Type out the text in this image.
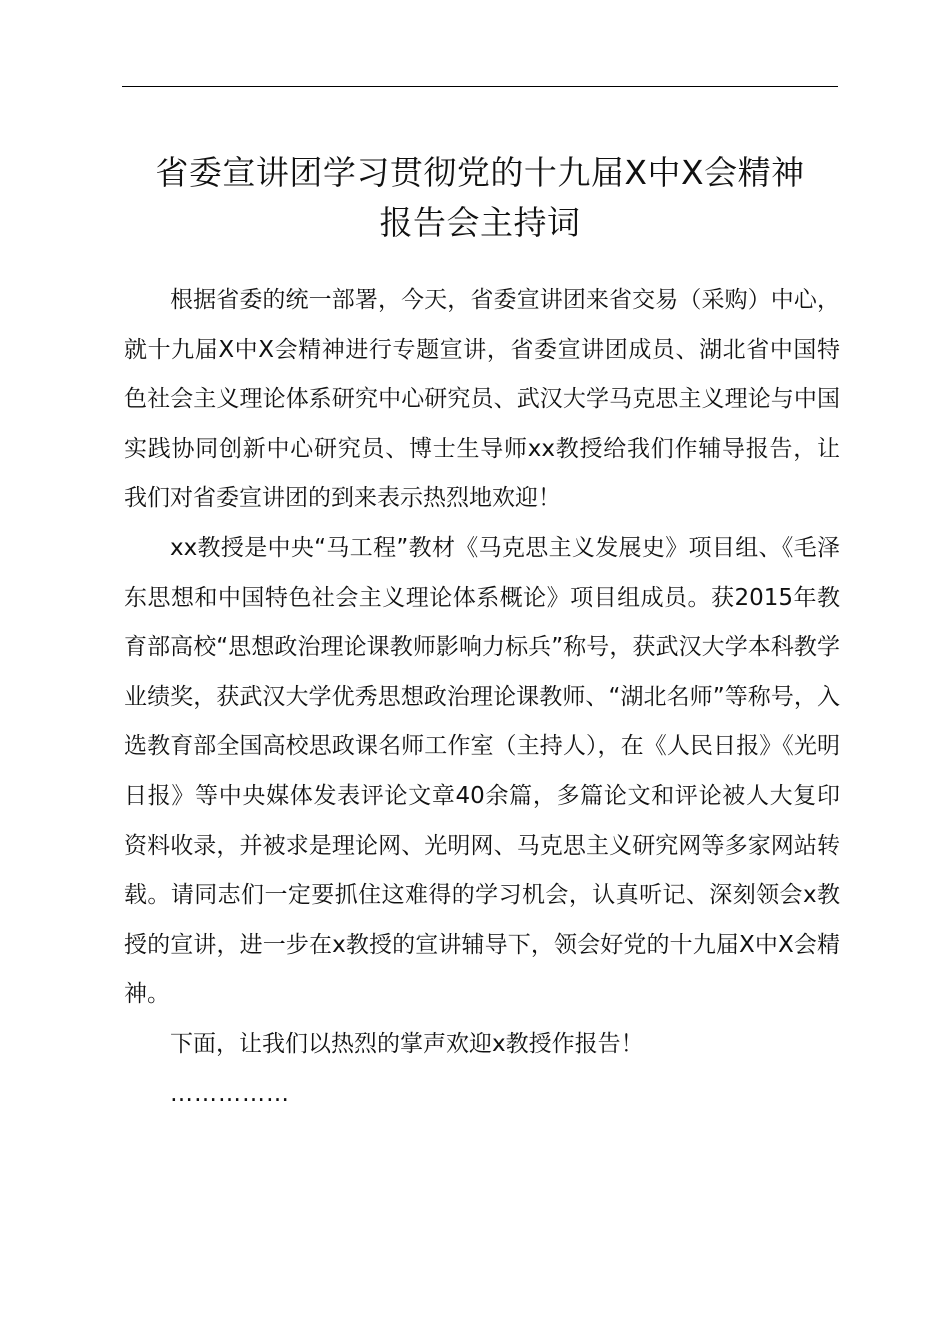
省委宣讲团学习贯彻党的十九届X中X会精神
报告会主持词

根据省委的统一部署，今天，省委宣讲团来省交易（采购）中心，就十九届X中X会精神进行专题宣讲，省委宣讲团成员、湖北省中国特色社会主义理论体系研究中心研究员、武汉大学马克思主义理论与中国实践协同创新中心研究员、博士生导师xx教授给我们作辅导报告，让我们对省委宣讲团的到来表示热烈地欢迎！

xx教授是中央“马工程”教材《马克思主义发展史》项目组、《毛泽东思想和中国特色社会主义理论体系概论》项目组成员。获2015年教育部高校“思想政治理论课教师影响力标兵”称号，获武汉大学本科教学业绩奖，获武汉大学优秀思想政治理论课教师、“湖北名师”等称号，入选教育部全国高校思政课名师工作室（主持人），在《人民日报》《光明日报》等中央媒体发表评论文章40余篇，多篇论文和评论被人大复印资料收录，并被求是理论网、光明网、马克思主义研究网等多家网站转载。请同志们一定要抓住这难得的学习机会，认真听记、深刻领会x教授的宣讲，进一步在x教授的宣讲辅导下，领会好党的十九届X中X会精神。

下面，让我们以热烈的掌声欢迎x教授作报告！

……………
